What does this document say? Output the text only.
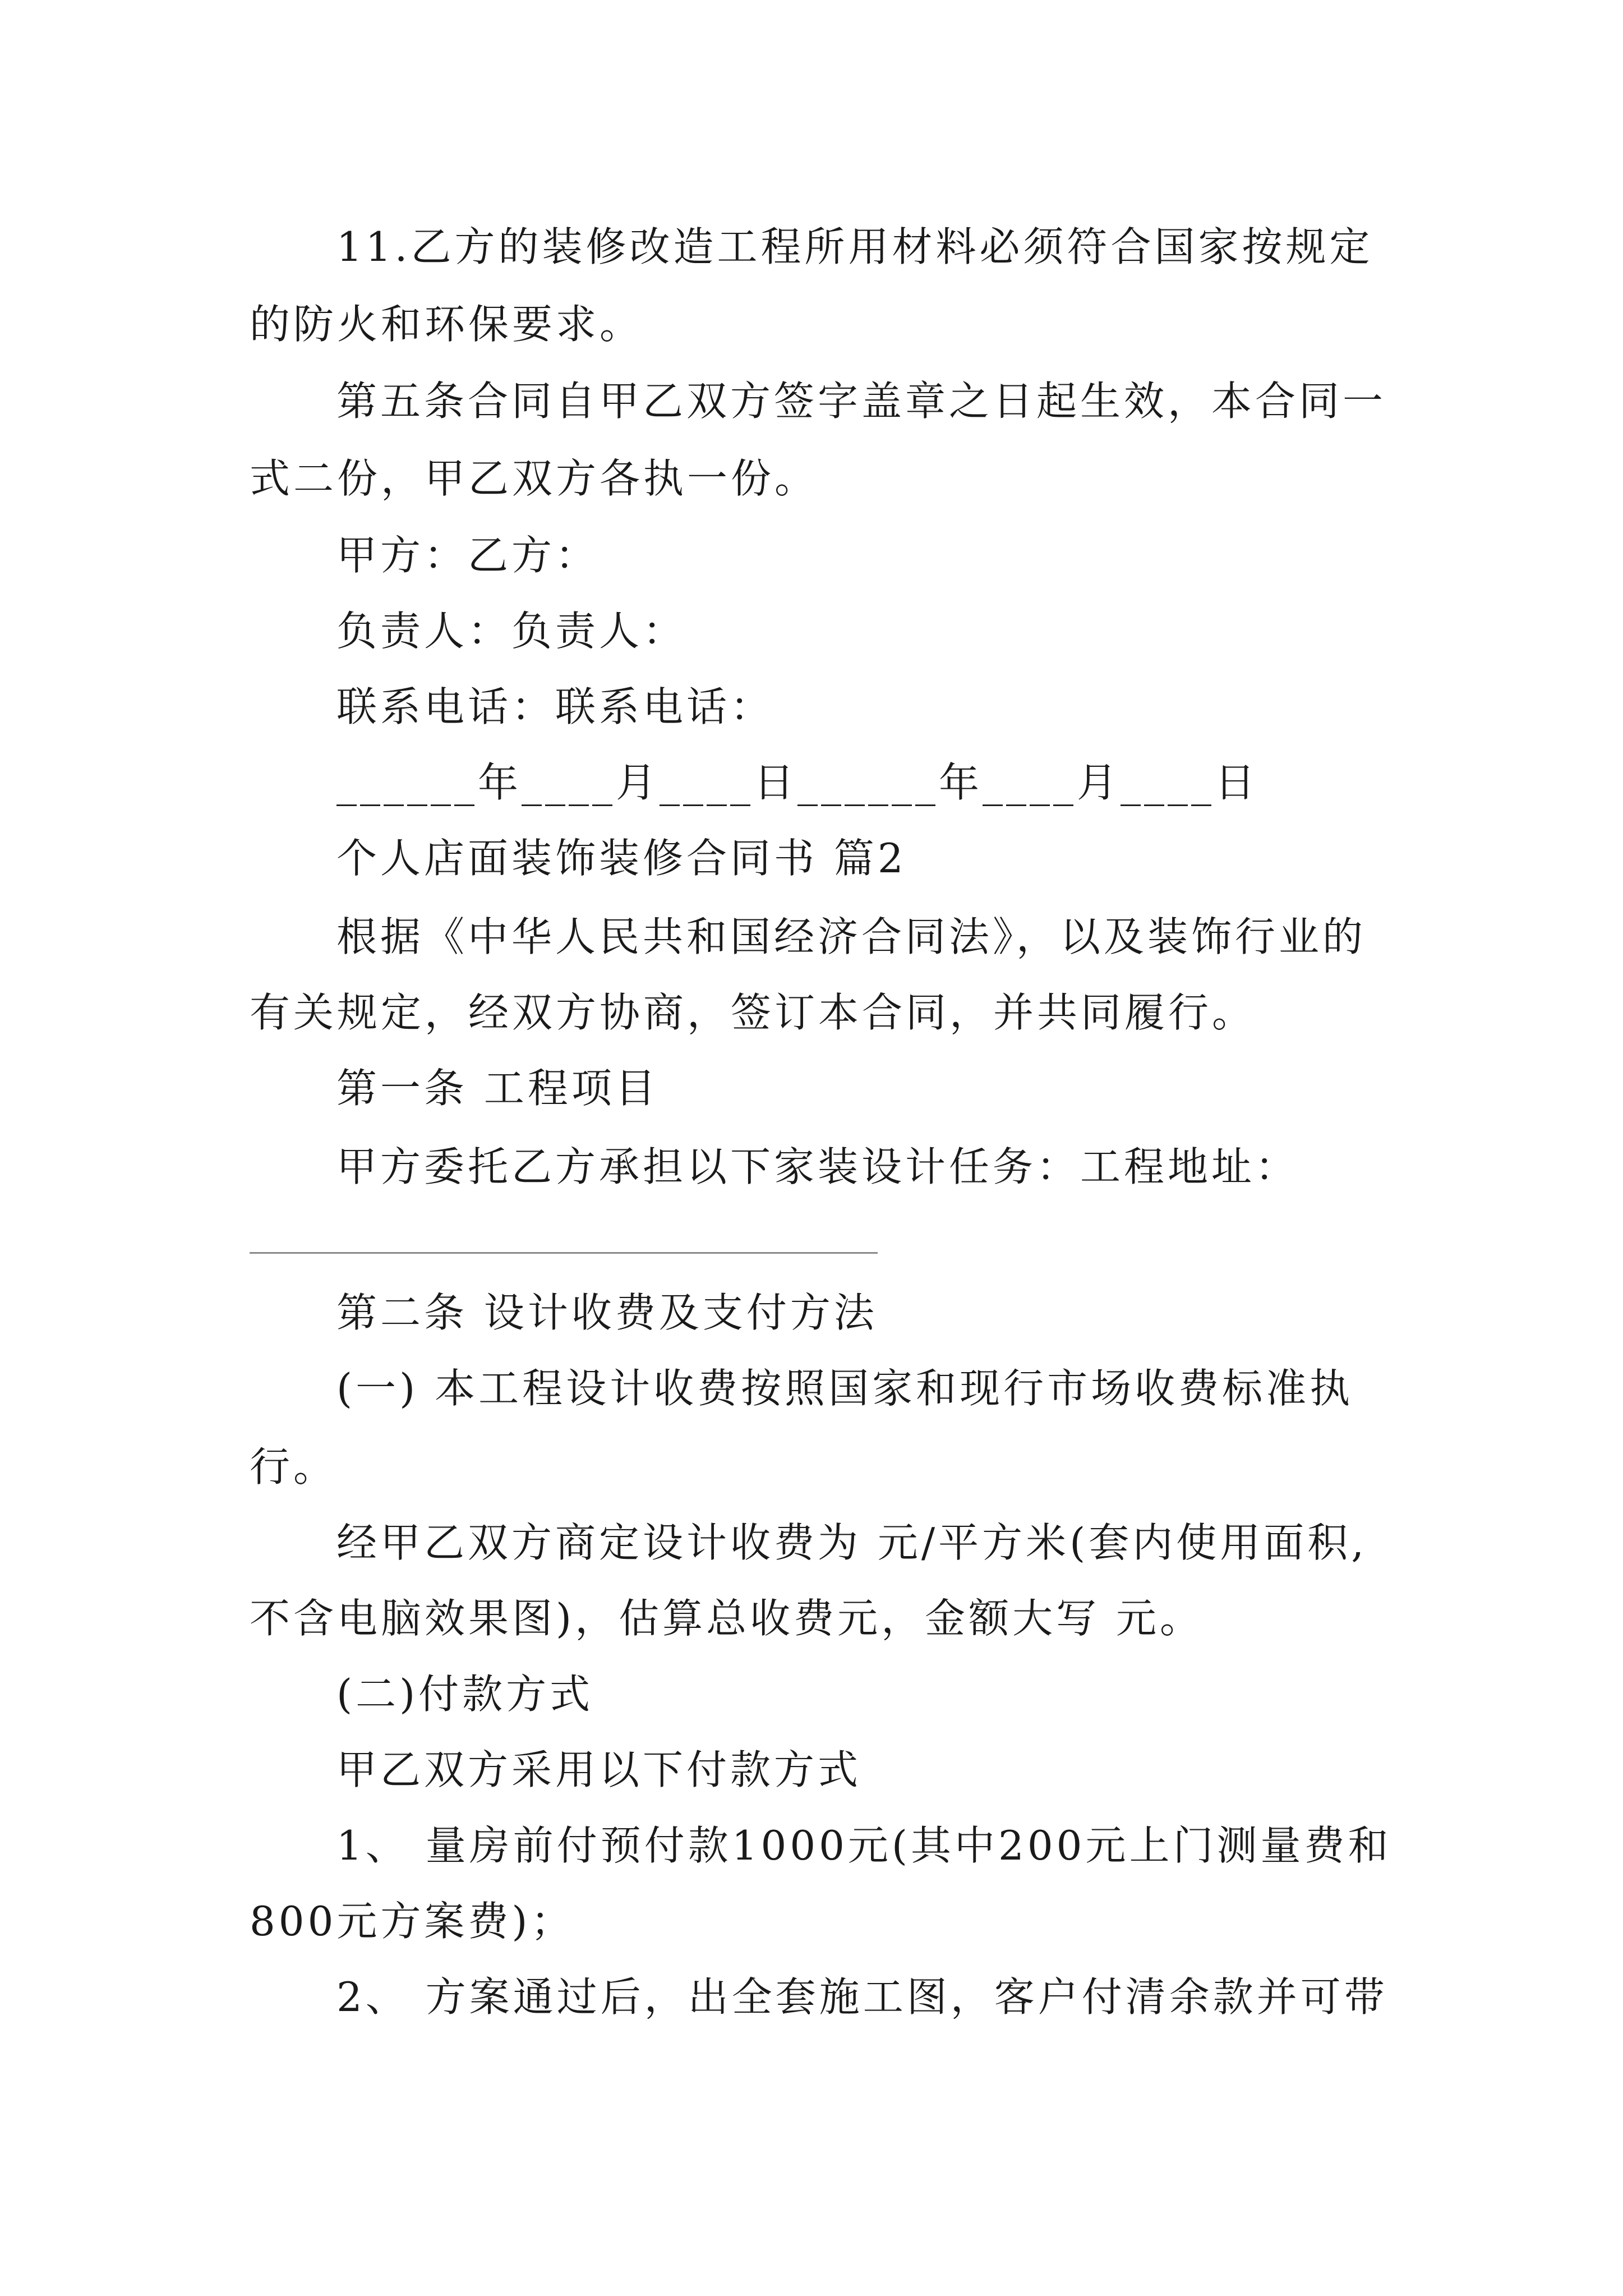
11.乙方的装修改造工程所用材料必须符合国家按规定
的防火和环保要求。
第五条合同自甲乙双方签字盖章之日起生效，本合同一
式二份，甲乙双方各执一份。
甲方：乙方：
负责人：负责人：
联系电话：联系电话：
______年____月____日______年____月____日
个人店面装饰装修合同书 篇2
根据《中华人民共和国经济合同法》，以及装饰行业的
有关规定，经双方协商，签订本合同，并共同履行。
第一条 工程项目
甲方委托乙方承担以下家装设计任务：工程地址：
第二条 设计收费及支付方法
(一) 本工程设计收费按照国家和现行市场收费标准执
行。
经甲乙双方商定设计收费为 元/平方米(套内使用面积,
不含电脑效果图)，估算总收费元，金额大写 元。
(二)付款方式
甲乙双方采用以下付款方式
1、 量房前付预付款1000元(其中200元上门测量费和
800元方案费)；
2、 方案通过后，出全套施工图，客户付清余款并可带
